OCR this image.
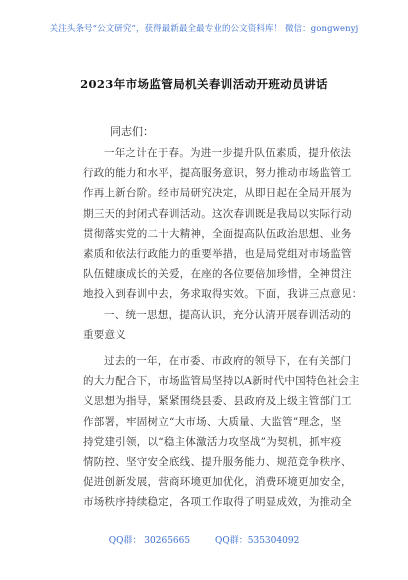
关注头条号“公文研究”，获得最新最全最专业的公文资料库！ 微信：gongwenyj
2023年市场监管局机关春训活动开班动员讲话
同志们：

一年之计在于春。为进一步提升队伍素质，提升依法
行政的能力和水平，提高服务意识，努力推动市场监管工
作再上新台阶。经市局研究决定，从即日起在全局开展为
期三天的封闭式春训活动。这次春训既是我局以实际行动
贯彻落实党的二十大精神，全面提高队伍政治思想、业务
素质和依法行政能力的重要举措，也是局党组对市场监管
队伍健康成长的关爱，在座的各位要倍加珍惜，全神贯注
地投入到春训中去，务求取得实效。下面，我讲三点意见：

一、统一思想，提高认识，充分认清开展春训活动的
重要意义

过去的一年，在市委、市政府的领导下，在有关部门
的大力配合下，市场监管局坚持以A新时代中国特色社会主
义思想为指导，紧紧围绕县委、县政府及上级主管部门工
作部署，牢固树立“大市场、大质量、大监管”理念，坚
持党建引领，以“稳主体激活力攻坚战”为契机，抓牢疫
情防控、坚守安全底线、提升服务能力、规范竞争秩序、
促进创新发展，营商环境更加优化，消费环境更加安全，
市场秩序持续稳定，各项工作取得了明显成效，为推动全

QQ群： 30265665	QQ群：535304092
